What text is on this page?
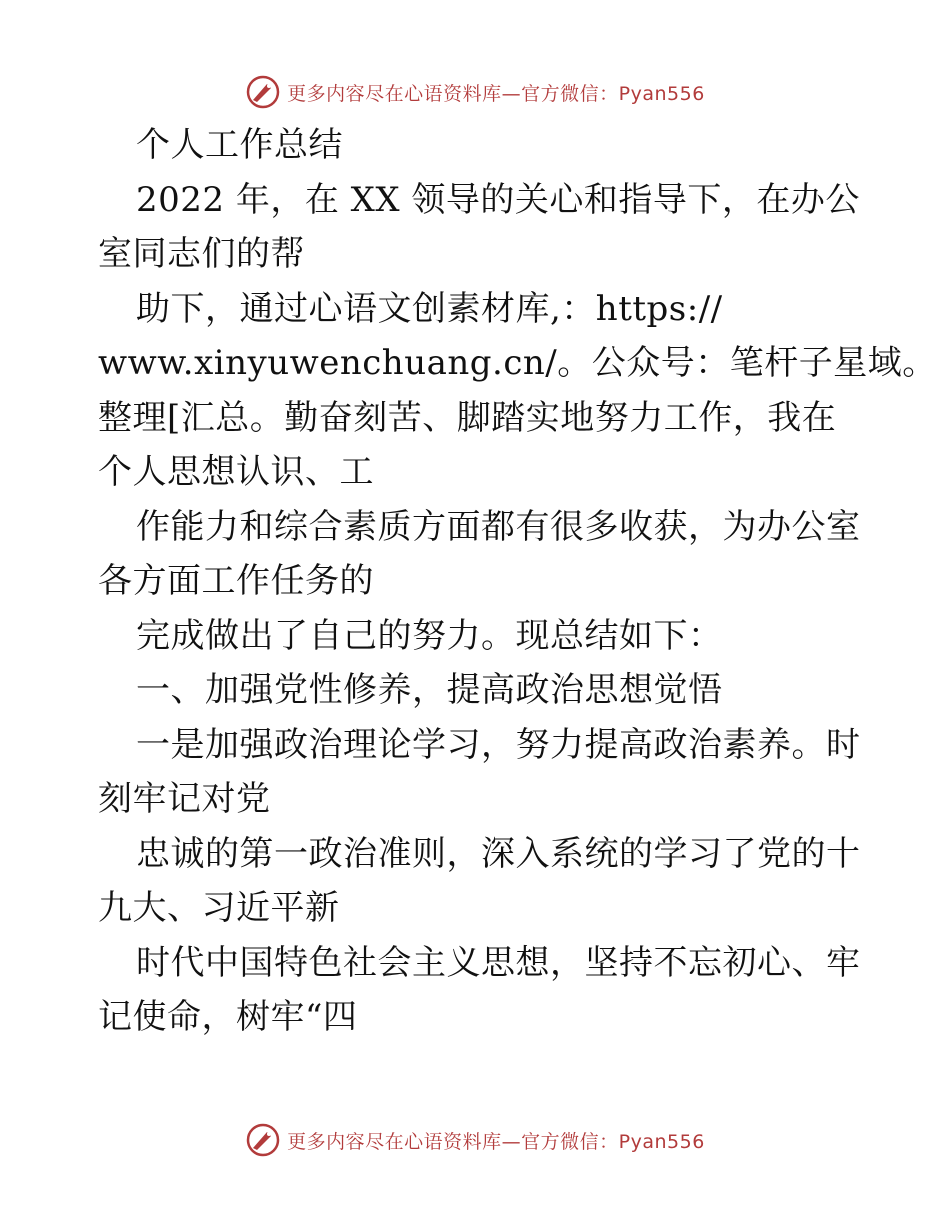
更多内容尽在心语资料库—官方微信：Pyan556
个人工作总结
2022 年，在 XX 领导的关心和指导下，在办公
室同志们的帮
助下，通过心语文创素材库,：https://
www.xinyuwenchuang.cn/。公众号：笔杆子星域。
整理[汇总。勤奋刻苦、脚踏实地努力工作，我在
个人思想认识、工
作能力和综合素质方面都有很多收获，为办公室
各方面工作任务的
完成做出了自己的努力。现总结如下：
一、加强党性修养，提高政治思想觉悟
一是加强政治理论学习，努力提高政治素养。时
刻牢记对党
忠诚的第一政治准则，深入系统的学习了党的十
九大、习近平新
时代中国特色社会主义思想，坚持不忘初心、牢
记使命，树牢“四
更多内容尽在心语资料库—官方微信：Pyan556
